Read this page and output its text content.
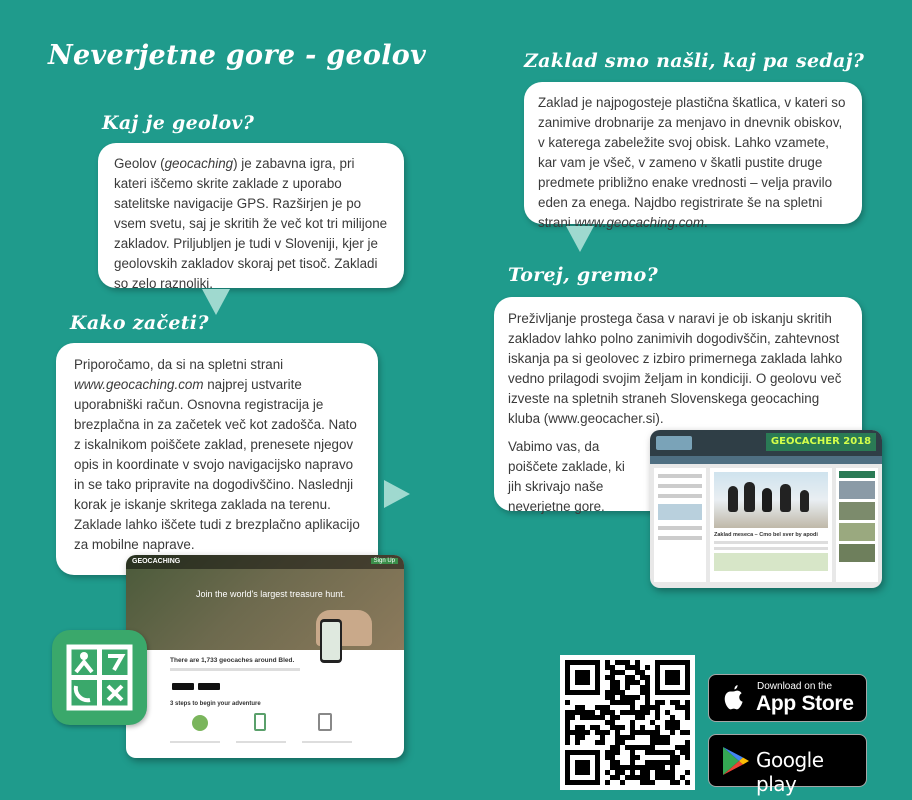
Neverjetne gore - geolov
Kaj je geolov?

Geolov (geocaching) je zabavna igra, pri kateri iščemo skrite zaklade z uporabo satelitske navigacije GPS. Razširjen je po vsem svetu, saj je skritih že več kot tri milijone zakladov. Priljubljen je tudi v Sloveniji, kjer je geolovskih zakladov skoraj pet tisoč. Zakladi so zelo raznoliki.

Kako začeti?

Priporočamo, da si na spletni strani www.geocaching.com najprej ustvarite uporabniški račun. Osnovna registracija je brezplačna in za začetek več kot zadošča. Nato z iskalnikom poiščete zaklad, prenesete njegov opis in koordinate v svojo navigacijsko napravo in se tako pripravite na dogodivščino. Naslednji korak je iskanje skritega zaklada na terenu. Zaklade lahko iščete tudi z brezplačno aplikacijo za mobilne naprave.

Zaklad smo našli, kaj pa sedaj?

Zaklad je najpogosteje plastična škatlica, v kateri so zanimive drobnarije za menjavo in dnevnik obiskov, v katerega zabeležite svoj obisk. Lahko vzamete, kar vam je všeč, v zameno v škatli pustite druge predmete približno enake vrednosti – velja pravilo eden za enega. Najdbo registrirate še na spletni strani www.geocaching.com.

Torej, gremo?

Preživljanje prostega časa v naravi je ob iskanju skritih zakladov lahko polno zanimivih dogodivščin, zahtevnost iskanja pa si geolovec z izbiro primernega zaklada lahko vedno prilagodi svojim željam in kondiciji. O geolovu več izveste na spletnih straneh Slovenskega geocaching kluba (www.geocacher.si).

Vabimo vas, da poiščete zaklade, ki jih skrivajo naše neverjetne gore.

GEOCACHER 2018
Zaklad meseca – Čmo bel sver by apodi
GEOCACHING	Sign Up
Join the world's largest treasure hunt.
There are 1,733 geocaches around Bled.
3 steps to begin your adventure
Download on the
App Store
Google play
